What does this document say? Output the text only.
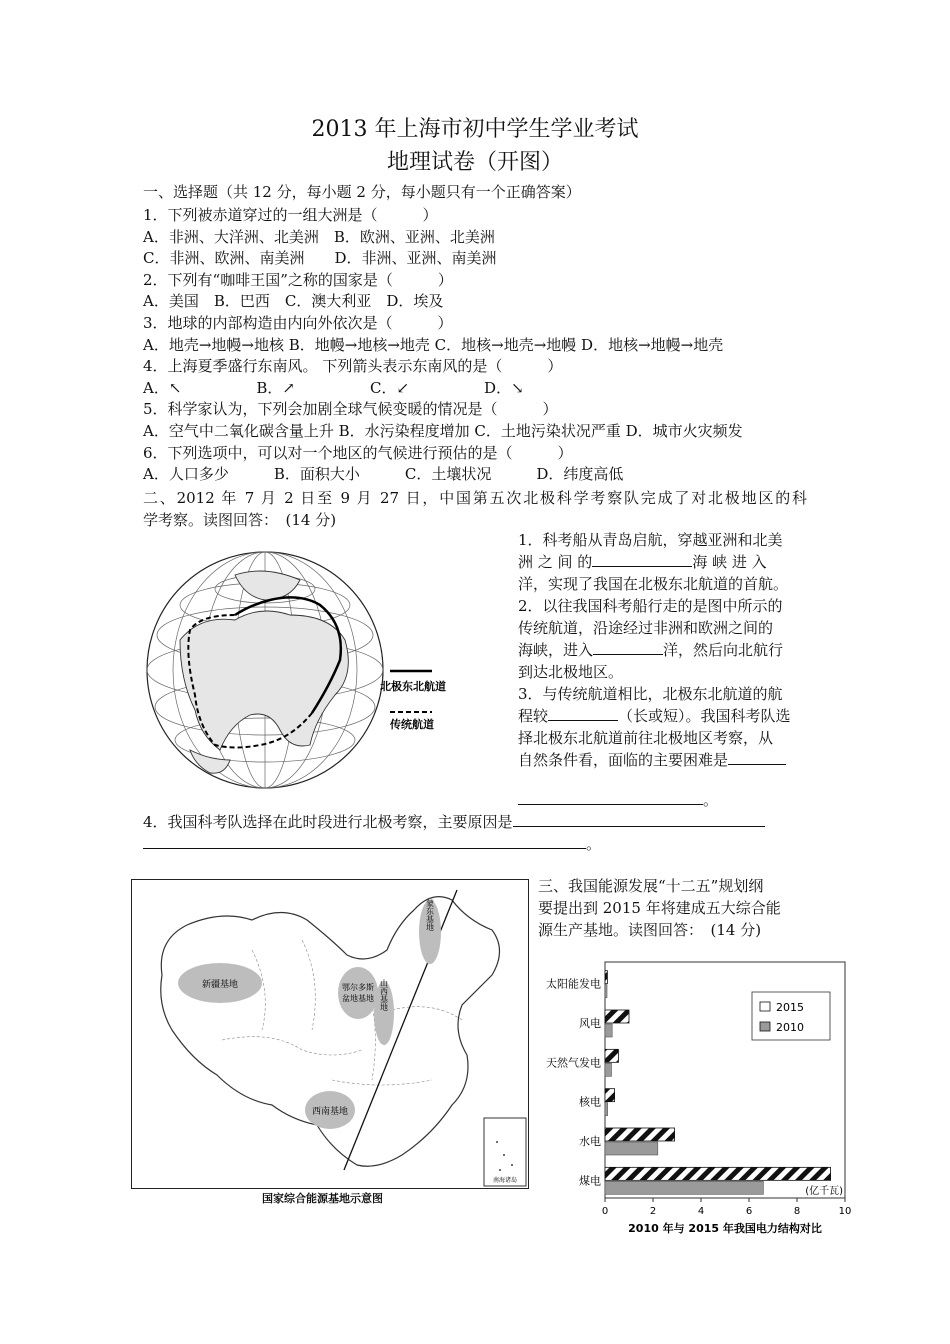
2013 年上海市初中学生学业考试
地理试卷（开图）
一、选择题（共 12 分，每小题 2 分，每小题只有一个正确答案）
1．下列被赤道穿过的一组大洲是（　　　）
A．非洲、大洋洲、北美洲　B．欧洲、亚洲、北美洲
C．非洲、欧洲、南美洲　　D．非洲、亚洲、南美洲
2．下列有“咖啡王国”之称的国家是（　　　）
A．美国　B．巴西　C．澳大利亚　D．埃及
3．地球的内部构造由内向外依次是（　　　）
A．地壳→地幔→地核 B．地幔→地核→地壳 C．地核→地壳→地幔 D．地核→地幔→地壳
4．上海夏季盛行东南风。 下列箭头表示东南风的是（　　　）
A．↖　　　　　B．↗　　　　　C．↙　　　　　D．↘
5．科学家认为，下列会加剧全球气候变暖的情况是（　　　）
A．空气中二氧化碳含量上升 B．水污染程度增加 C．土地污染状况严重 D．城市火灾频发
6．下列选项中，可以对一个地区的气候进行预估的是（　　　）
A．人口多少　　　B．面积大小　　　C．土壤状况　　　D．纬度高低
二、2012 年 7 月 2 日至 9 月 27 日，中国第五次北极科学考察队完成了对北极地区的科
学考察。读图回答：　(14 分)
北极东北航道
传统航道
1．科考船从青岛启航，穿越亚洲和北美
洲 之 间 的	海 峡 进 入
洋，实现了我国在北极东北航道的首航。
2．以往我国科考船行走的是图中所示的
传统航道，沿途经过非洲和欧洲之间的
海峡，进入	洋，然后向北航行
到达北极地区。
3．与传统航道相比，北极东北航道的航
程较	（长或短）。我国科考队选
择北极东北航道前往北极地区考察，从
自然条件看，面临的主要困难是
。
4．我国科考队选择在此时段进行北极考察，主要原因是
。
新疆基地	鄂尔多斯
盆地基地 山西基地
蒙东基地
西南基地
南海诸岛
国家综合能源基地示意图
三、我国能源发展“十二五”规划纲
要提出到 2015 年将建成五大综合能
源生产基地。读图回答：　(14 分)
太阳能发电
风电
天然气发电
核电
水电
煤电
0	2	4	6	8	10
(亿千瓦)
2015
2010
2010 年与 2015 年我国电力结构对比
